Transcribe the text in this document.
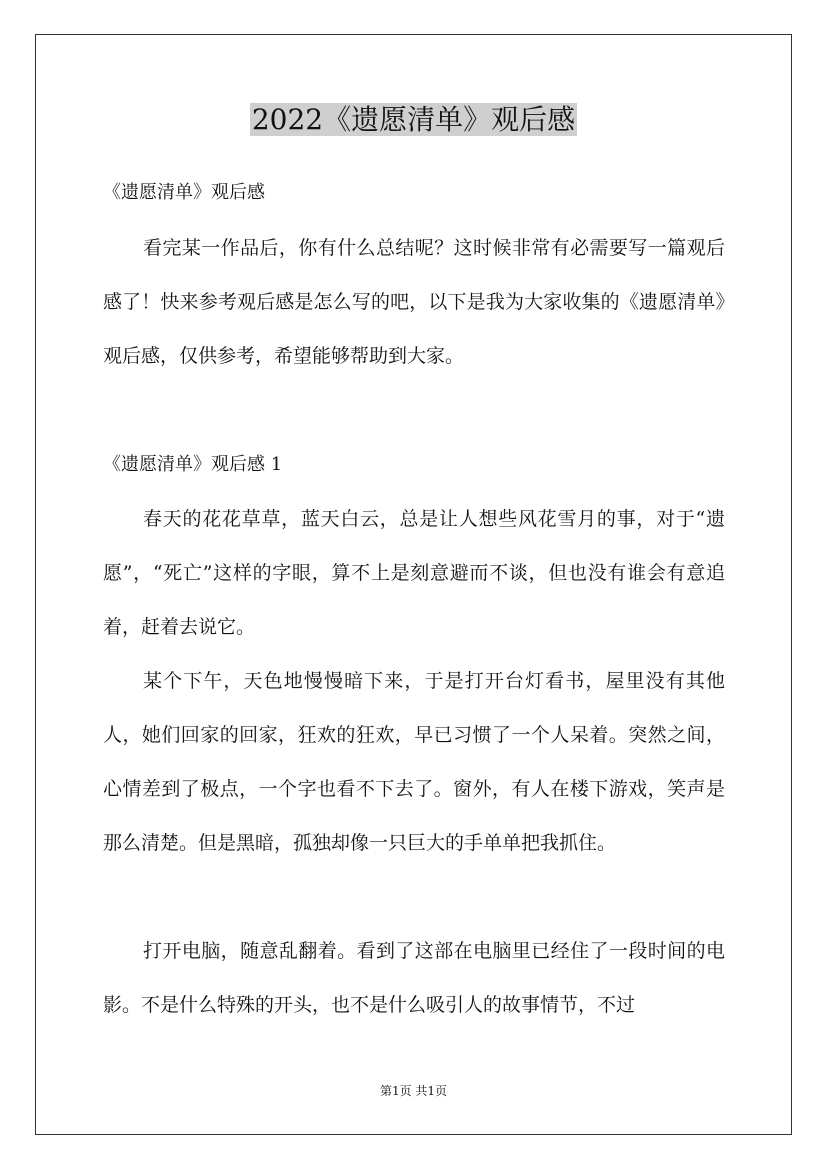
2022《遗愿清单》观后感
《遗愿清单》观后感

看完某一作品后，你有什么总结呢？这时候非常有必需要写一篇观后感了！快来参考观后感是怎么写的吧，以下是我为大家收集的《遗愿清单》观后感，仅供参考，希望能够帮助到大家。

《遗愿清单》观后感 1

春天的花花草草，蓝天白云，总是让人想些风花雪月的事，对于“遗愿”，“死亡”这样的字眼，算不上是刻意避而不谈，但也没有谁会有意追着，赶着去说它。

某个下午，天色地慢慢暗下来，于是打开台灯看书，屋里没有其他人，她们回家的回家，狂欢的狂欢，早已习惯了一个人呆着。突然之间，心情差到了极点，一个字也看不下去了。窗外，有人在楼下游戏，笑声是那么清楚。但是黑暗，孤独却像一只巨大的手单单把我抓住。

打开电脑，随意乱翻着。看到了这部在电脑里已经住了一段时间的电影。不是什么特殊的开头，也不是什么吸引人的故事情节，不过

第1页 共1页
